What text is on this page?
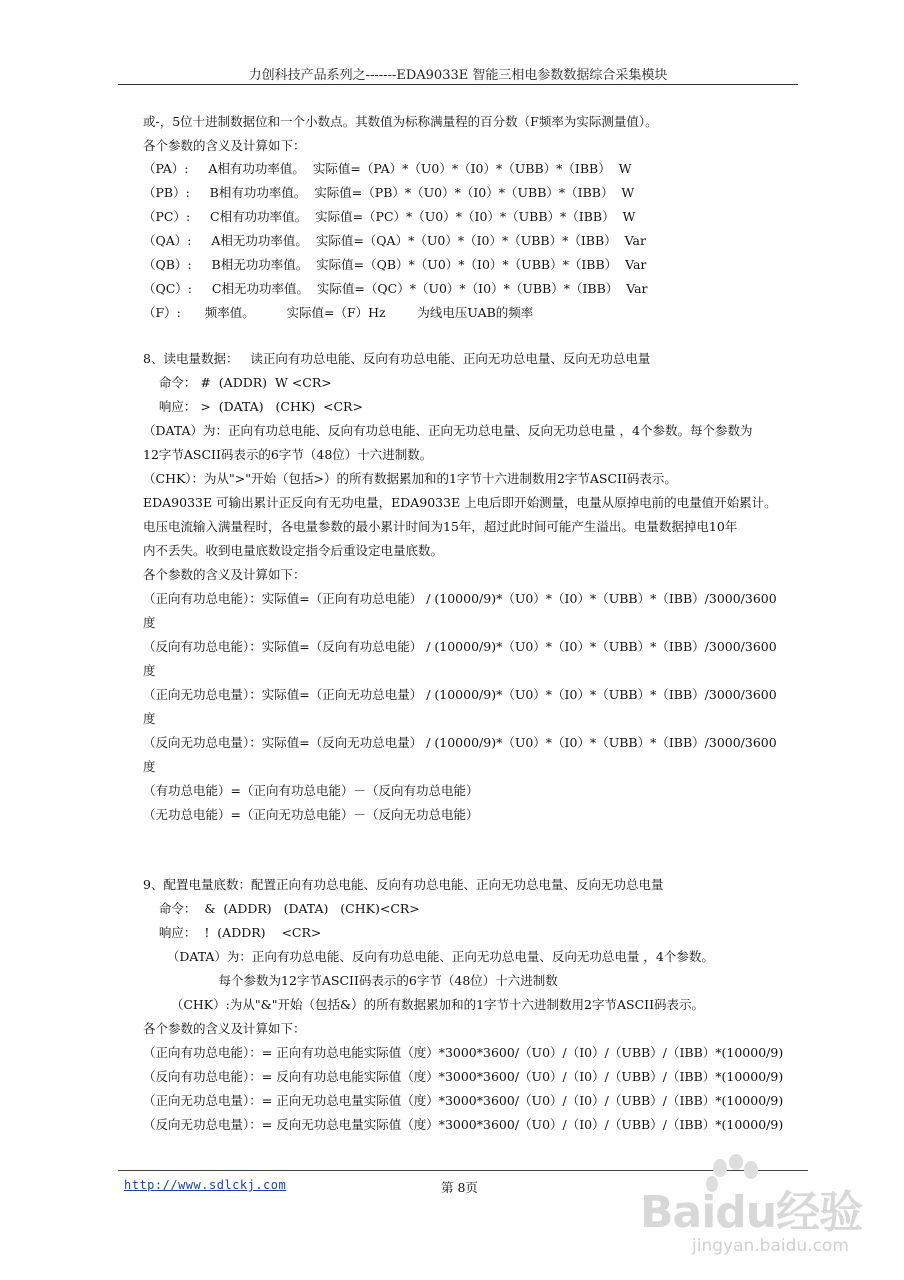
力创科技产品系列之-------EDA9033E 智能三相电参数数据综合采集模块
或-，5位十进制数据位和一个小数点。其数值为标称满量程的百分数（F频率为实际测量值）。
各个参数的含义及计算如下：
（PA）:     A相有功功率值。  实际值=（PA）*（U0）*（I0）*（UBB）*（IBB）  W
（PB）:     B相有功功率值。  实际值=（PB）*（U0）*（I0）*（UBB）*（IBB）  W
（PC）:     C相有功功率值。  实际值=（PC）*（U0）*（I0）*（UBB）*（IBB）  W
（QA）:     A相无功功率值。  实际值=（QA）*（U0）*（I0）*（UBB）*（IBB）  Var
（QB）:     B相无功功率值。  实际值=（QB）*（U0）*（I0）*（UBB）*（IBB）  Var
（QC）:     C相无功功率值。  实际值=（QC）*（U0）*（I0）*（UBB）*（IBB）  Var
（F）:      频率值。        实际值=（F）Hz        为线电压UAB的频率
8、读电量数据：   读正向有功总电能、反向有功总电能、正向无功总电量、反向无功总电量
命令： #  (ADDR)  W <CR>
响应： >  (DATA)   (CHK)  <CR>
（DATA）为：正向有功总电能、反向有功总电能、正向无功总电量、反向无功总电量 ，4个参数。每个参数为
12字节ASCII码表示的6字节（48位）十六进制数。
（CHK）：为从">"开始（包括>）的所有数据累加和的1字节十六进制数用2字节ASCII码表示。
EDA9033E 可输出累计正反向有无功电量，EDA9033E 上电后即开始测量，电量从原掉电前的电量值开始累计。
电压电流输入满量程时，各电量参数的最小累计时间为15年，超过此时间可能产生溢出。电量数据掉电10年
内不丢失。收到电量底数设定指令后重设定电量底数。
各个参数的含义及计算如下：
（正向有功总电能）：实际值=（正向有功总电能） / (10000/9)*（U0）*（I0）*（UBB）*（IBB）/3000/3600
度
（反向有功总电能）：实际值=（反向有功总电能） / (10000/9)*（U0）*（I0）*（UBB）*（IBB）/3000/3600
度
（正向无功总电量）：实际值=（正向无功总电量） / (10000/9)*（U0）*（I0）*（UBB）*（IBB）/3000/3600
度
（反向无功总电量）：实际值=（反向无功总电量） / (10000/9)*（U0）*（I0）*（UBB）*（IBB）/3000/3600
度
（有功总电能）=（正向有功总电能）－（反向有功总电能）
（无功总电能）=（正向无功总电能）－（反向无功总电能）
9、配置电量底数：配置正向有功总电能、反向有功总电能、正向无功总电量、反向无功总电量
命令：  &  (ADDR)   (DATA)   (CHK)<CR>
响应：  !  (ADDR)    <CR>
（DATA）为：正向有功总电能、反向有功总电能、正向无功总电量、反向无功总电量 ，4个参数。
每个参数为12字节ASCII码表示的6字节（48位）十六进制数
（CHK）:为从"&"开始（包括&）的所有数据累加和的1字节十六进制数用2字节ASCII码表示。
各个参数的含义及计算如下：
（正向有功总电能）：= 正向有功总电能实际值（度）*3000*3600/（U0）/（I0）/（UBB）/（IBB）*(10000/9)
（反向有功总电能）：= 反向有功总电能实际值（度）*3000*3600/（U0）/（I0）/（UBB）/（IBB）*(10000/9)
（正向无功总电量）：= 正向无功总电量实际值（度）*3000*3600/（U0）/（I0）/（UBB）/（IBB）*(10000/9)
（反向无功总电量）：= 反向无功总电量实际值（度）*3000*3600/（U0）/（I0）/（UBB）/（IBB）*(10000/9)
http://www.sdlckj.com	第 8页	Baidu经验
jingyan.baidu.com
